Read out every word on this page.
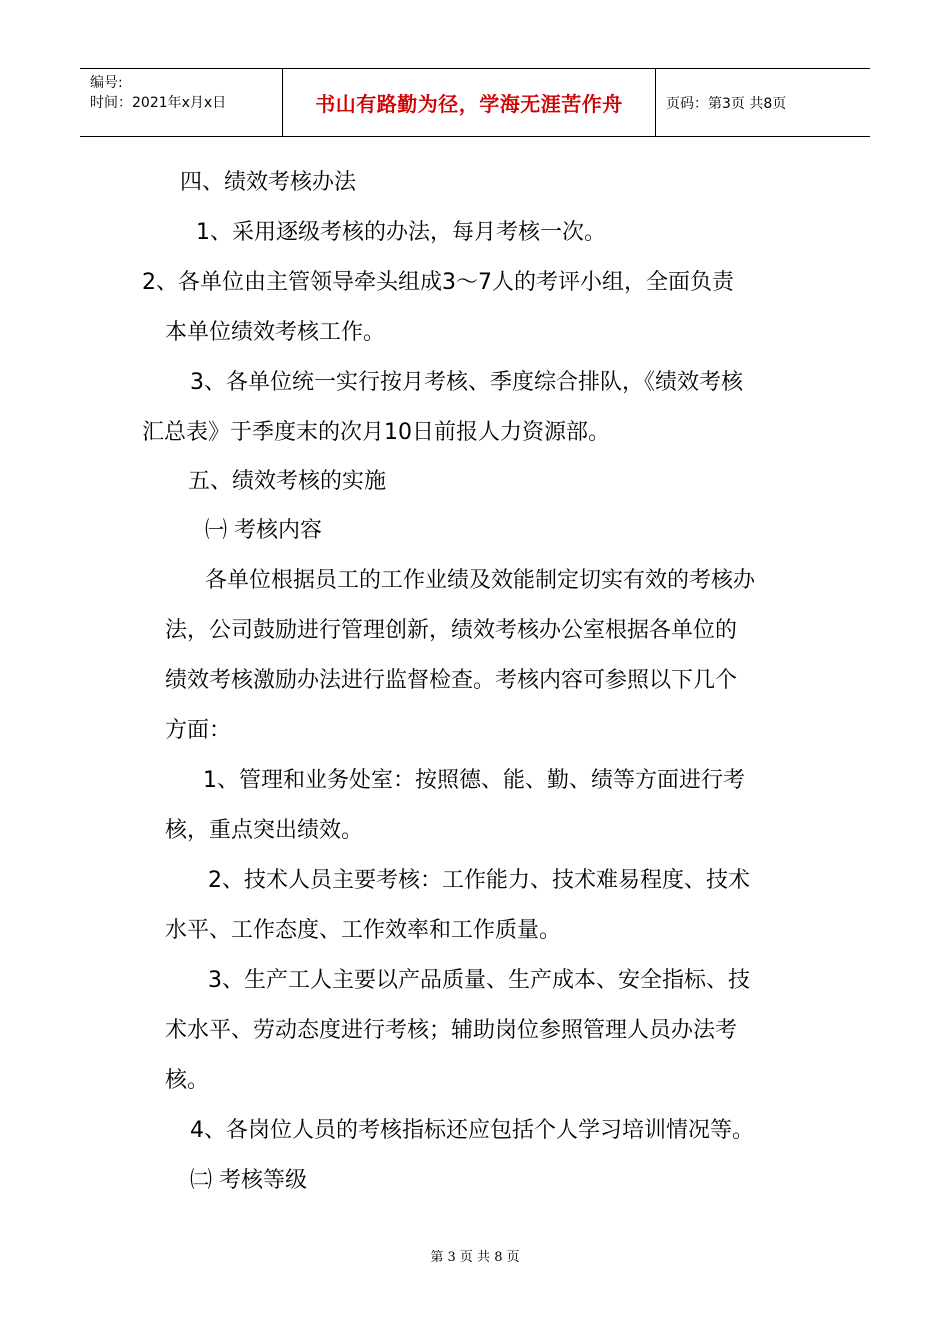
编号:
时间：2021年x月x日	书山有路勤为径，学海无涯苦作舟	页码：第3页 共8页
四、绩效考核办法
1、采用逐级考核的办法，每月考核一次。
2、各单位由主管领导牵头组成3～7人的考评小组，全面负责
本单位绩效考核工作。
3、各单位统一实行按月考核、季度综合排队，《绩效考核
汇总表》于季度末的次月10日前报人力资源部。
五、绩效考核的实施
㈠ 考核内容
各单位根据员工的工作业绩及效能制定切实有效的考核办
法，公司鼓励进行管理创新，绩效考核办公室根据各单位的
绩效考核激励办法进行监督检查。考核内容可参照以下几个
方面：
1、管理和业务处室：按照德、能、勤、绩等方面进行考
核，重点突出绩效。
2、技术人员主要考核：工作能力、技术难易程度、技术
水平、工作态度、工作效率和工作质量。
3、生产工人主要以产品质量、生产成本、安全指标、技
术水平、劳动态度进行考核；辅助岗位参照管理人员办法考
核。
4、各岗位人员的考核指标还应包括个人学习培训情况等。
㈡ 考核等级
第 3 页 共 8 页
